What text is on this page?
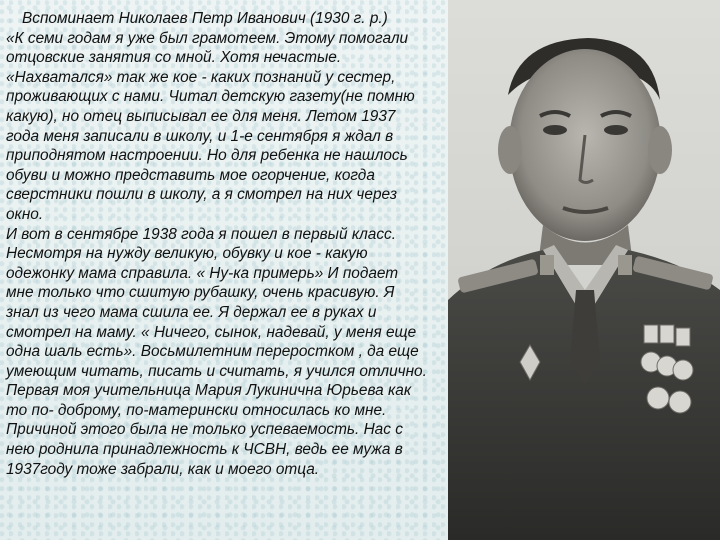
Вспоминает Николаев Петр Иванович (1930 г. р.)
«К семи годам я уже был грамотеем. Этому помогали
отцовские занятия со мной. Хотя нечастые.
«Нахватался» так же кое - каких познаний у сестер,
проживающих с нами. Читал детскую газету(не помню
какую), но отец выписывал ее для меня. Летом 1937
года меня записали в школу, и 1-е сентября я ждал в
приподнятом настроении. Но для ребенка не нашлось
обуви и можно представить мое огорчение, когда
сверстники пошли в школу, а я смотрел на них через
окно.
И вот в сентябре 1938 года я пошел в первый класс.
Несмотря на нужду великую, обувку и кое - какую
одежонку мама справила. « Ну-ка примерь» И подает
мне только что сшитую рубашку, очень красивую. Я
знал из чего мама сшила ее. Я держал ее в руках и
смотрел на маму. « Ничего, сынок, надевай, у меня еще
одна шаль есть». Восьмилетним переростком , да еще
умеющим читать, писать и считать, я учился отлично.
Первая моя учительница Мария Лукинична Юрьева как
то по- доброму, по-матерински относилась ко мне.
Причиной этого была не только успеваемость. Нас с
нею роднила принадлежность к ЧСВН, ведь ее мужа в
1937году тоже забрали, как и моего отца.
